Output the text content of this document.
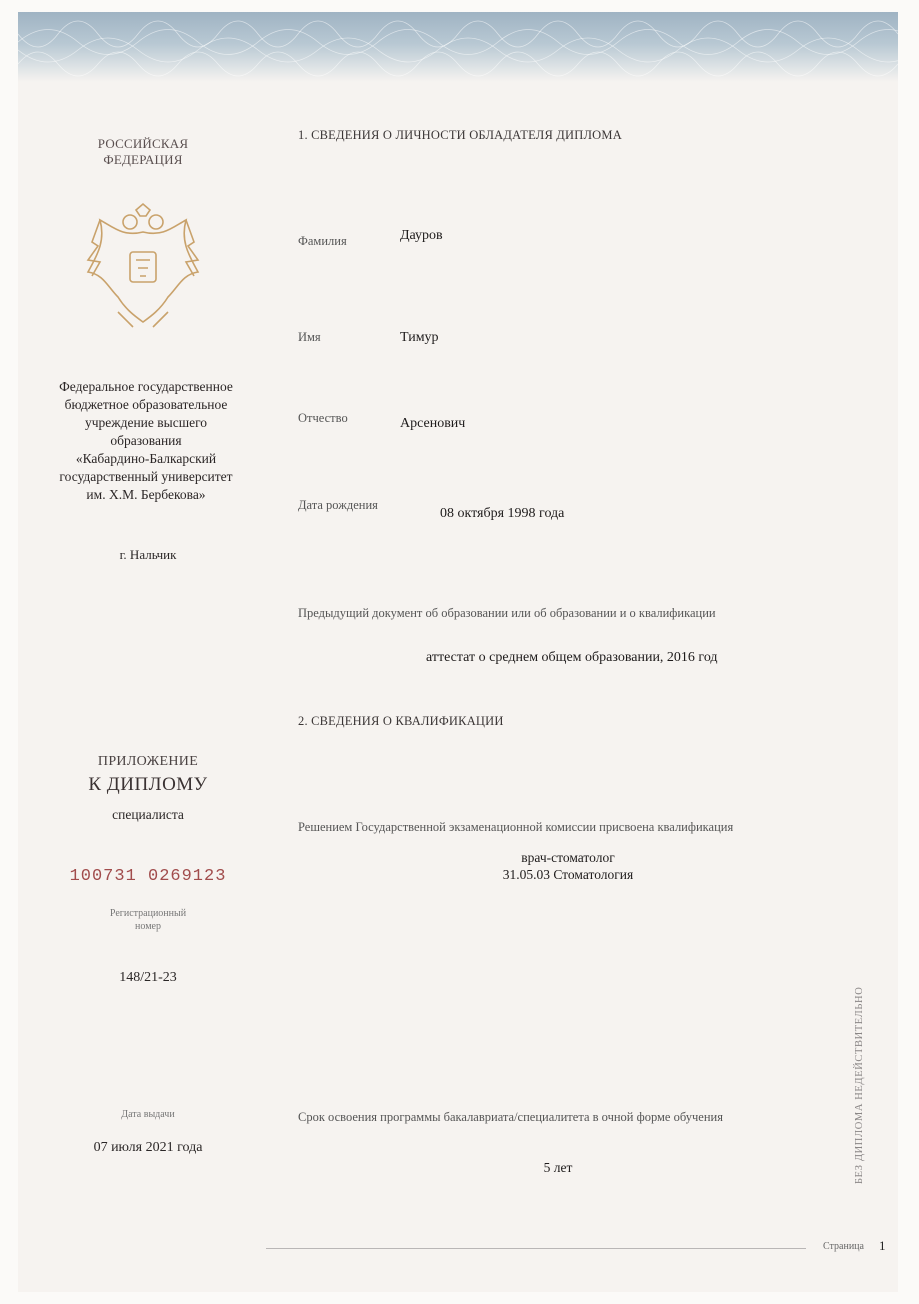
РОССИЙСКАЯ
ФЕДЕРАЦИЯ
Федеральное государственное
бюджетное образовательное
учреждение высшего
образования
«Кабардино-Балкарский
государственный университет
им. Х.М. Бербекова»
г. Нальчик
ПРИЛОЖЕНИЕ
К ДИПЛОМУ
специалиста
100731 0269123
Регистрационный
номер
148/21-23
Дата выдачи
07 июля 2021 года
1. СВЕДЕНИЯ О ЛИЧНОСТИ ОБЛАДАТЕЛЯ ДИПЛОМА
Фамилия	Дауров
Имя	Тимур
Отчество	Арсенович
Дата рождения
08 октября 1998 года
Предыдущий документ об образовании или об образовании и о квалификации
аттестат о среднем общем образовании, 2016 год
2. СВЕДЕНИЯ О КВАЛИФИКАЦИИ
Решением Государственной экзаменационной комиссии присвоена квалификация
врач-стоматолог
31.05.03 Стоматология
Срок освоения программы бакалавриата/специалитета в очной форме обучения
5 лет	БЕЗ ДИПЛОМА НЕДЕЙСТВИТЕЛЬНО
Страница 1
